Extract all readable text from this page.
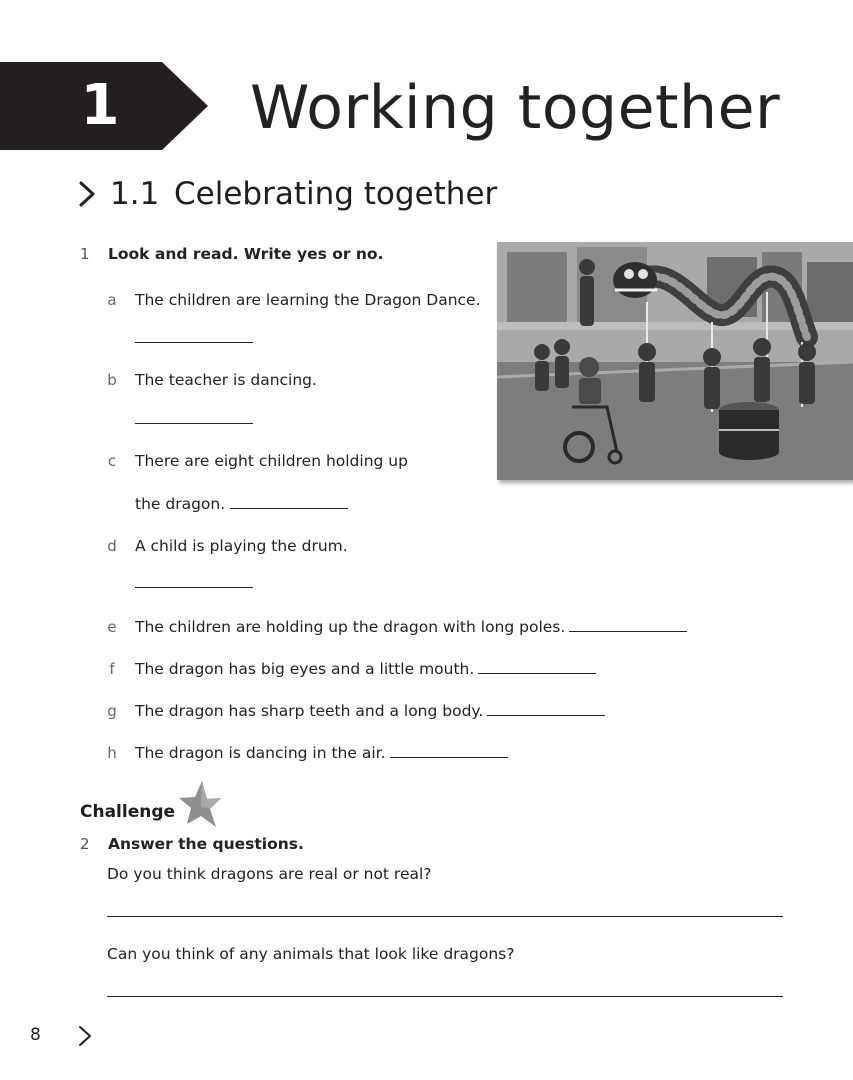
1	Working together
1.1 Celebrating together
1 Look and read. Write yes or no.
a The children are learning the Dragon Dance.
b The teacher is dancing.
c There are eight children holding up
the dragon.
d A child is playing the drum.
e The children are holding up the dragon with long poles.
f	The dragon has big eyes and a little mouth.
g The dragon has sharp teeth and a long body.
h The dragon is dancing in the air.
Challenge
2 Answer the questions.
Do you think dragons are real or not real?
Can you think of any animals that look like dragons?
8
